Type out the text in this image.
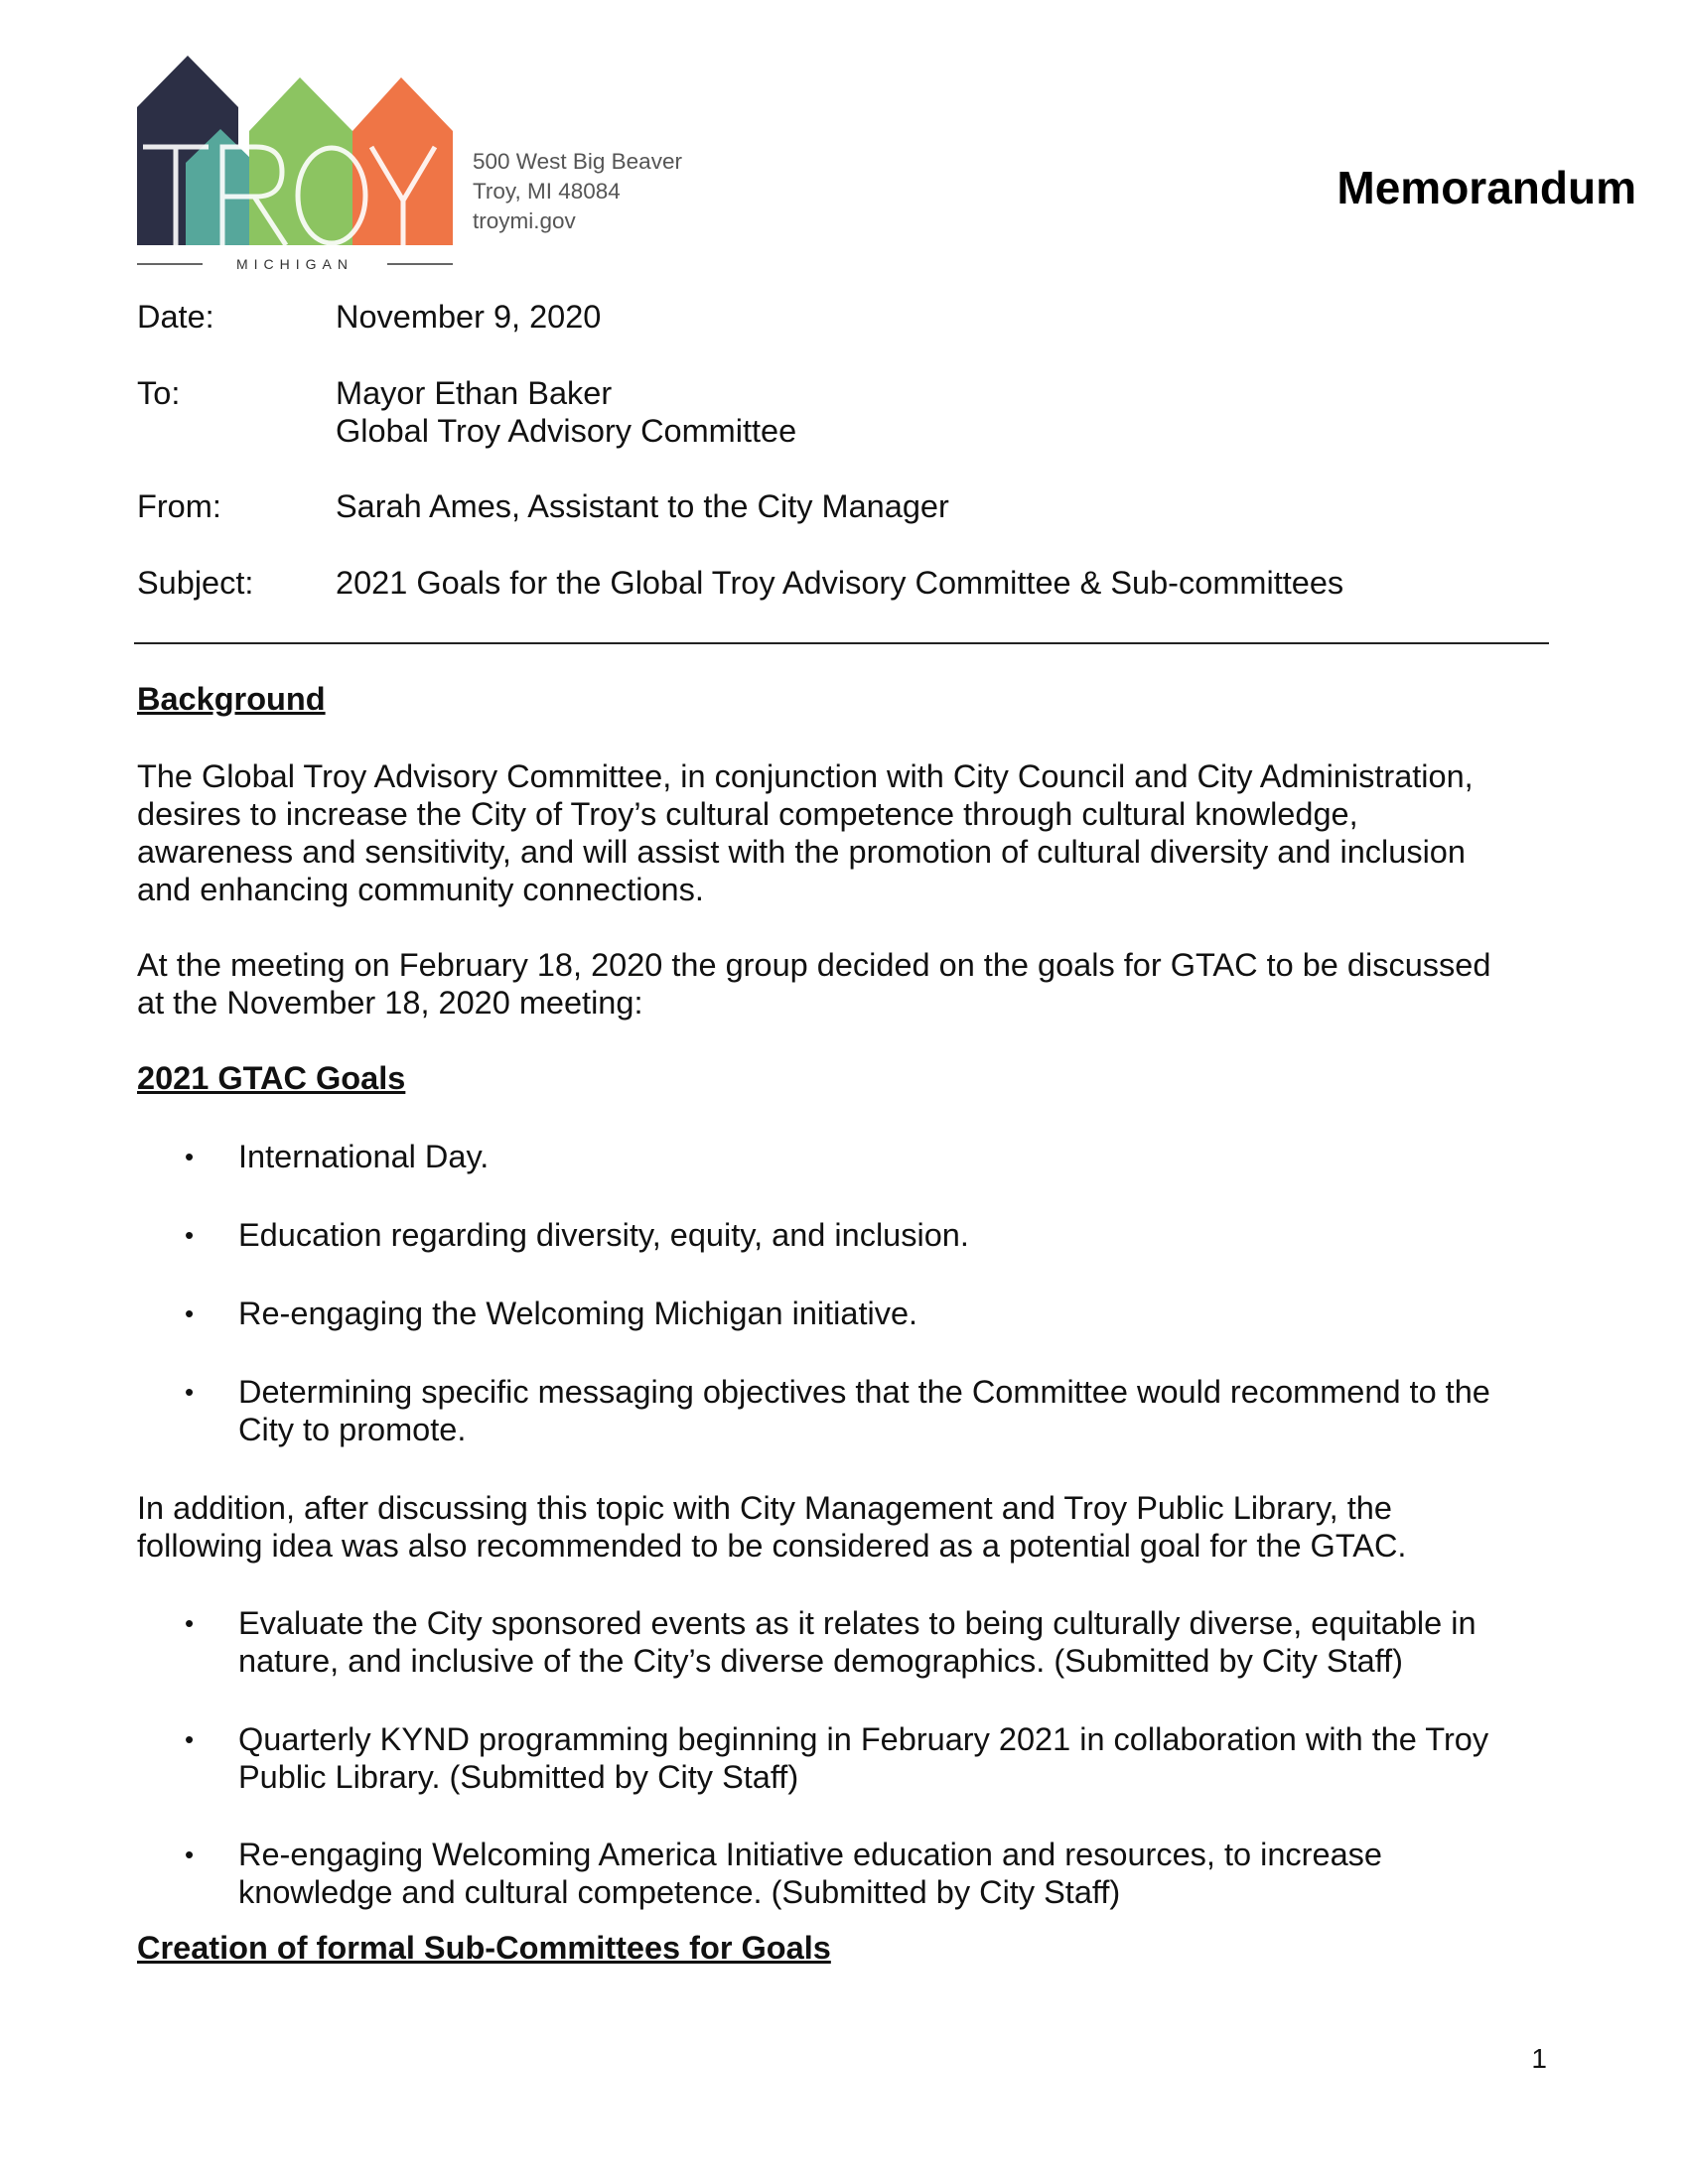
MICHIGAN
500 West Big Beaver
Troy, MI 48084
troymi.gov
Memorandum
Date:	November 9, 2020
To:	Mayor Ethan Baker
Global Troy Advisory Committee
From:	Sarah Ames, Assistant to the City Manager
Subject:	2021 Goals for the Global Troy Advisory Committee & Sub-committees
Background
The Global Troy Advisory Committee, in conjunction with City Council and City Administration,
desires to increase the City of Troy’s cultural competence through cultural knowledge,
awareness and sensitivity, and will assist with the promotion of cultural diversity and inclusion
and enhancing community connections.
At the meeting on February 18, 2020 the group decided on the goals for GTAC to be discussed
at the November 18, 2020 meeting:
2021 GTAC Goals
• International Day.
• Education regarding diversity, equity, and inclusion.
• Re-engaging the Welcoming Michigan initiative.
• Determining specific messaging objectives that the Committee would recommend to the
City to promote.
In addition, after discussing this topic with City Management and Troy Public Library, the
following idea was also recommended to be considered as a potential goal for the GTAC.
• Evaluate the City sponsored events as it relates to being culturally diverse, equitable in
nature, and inclusive of the City’s diverse demographics. (Submitted by City Staff)
• Quarterly KYND programming beginning in February 2021 in collaboration with the Troy
Public Library. (Submitted by City Staff)
• Re-engaging Welcoming America Initiative education and resources, to increase
knowledge and cultural competence. (Submitted by City Staff)
Creation of formal Sub-Committees for Goals
1
